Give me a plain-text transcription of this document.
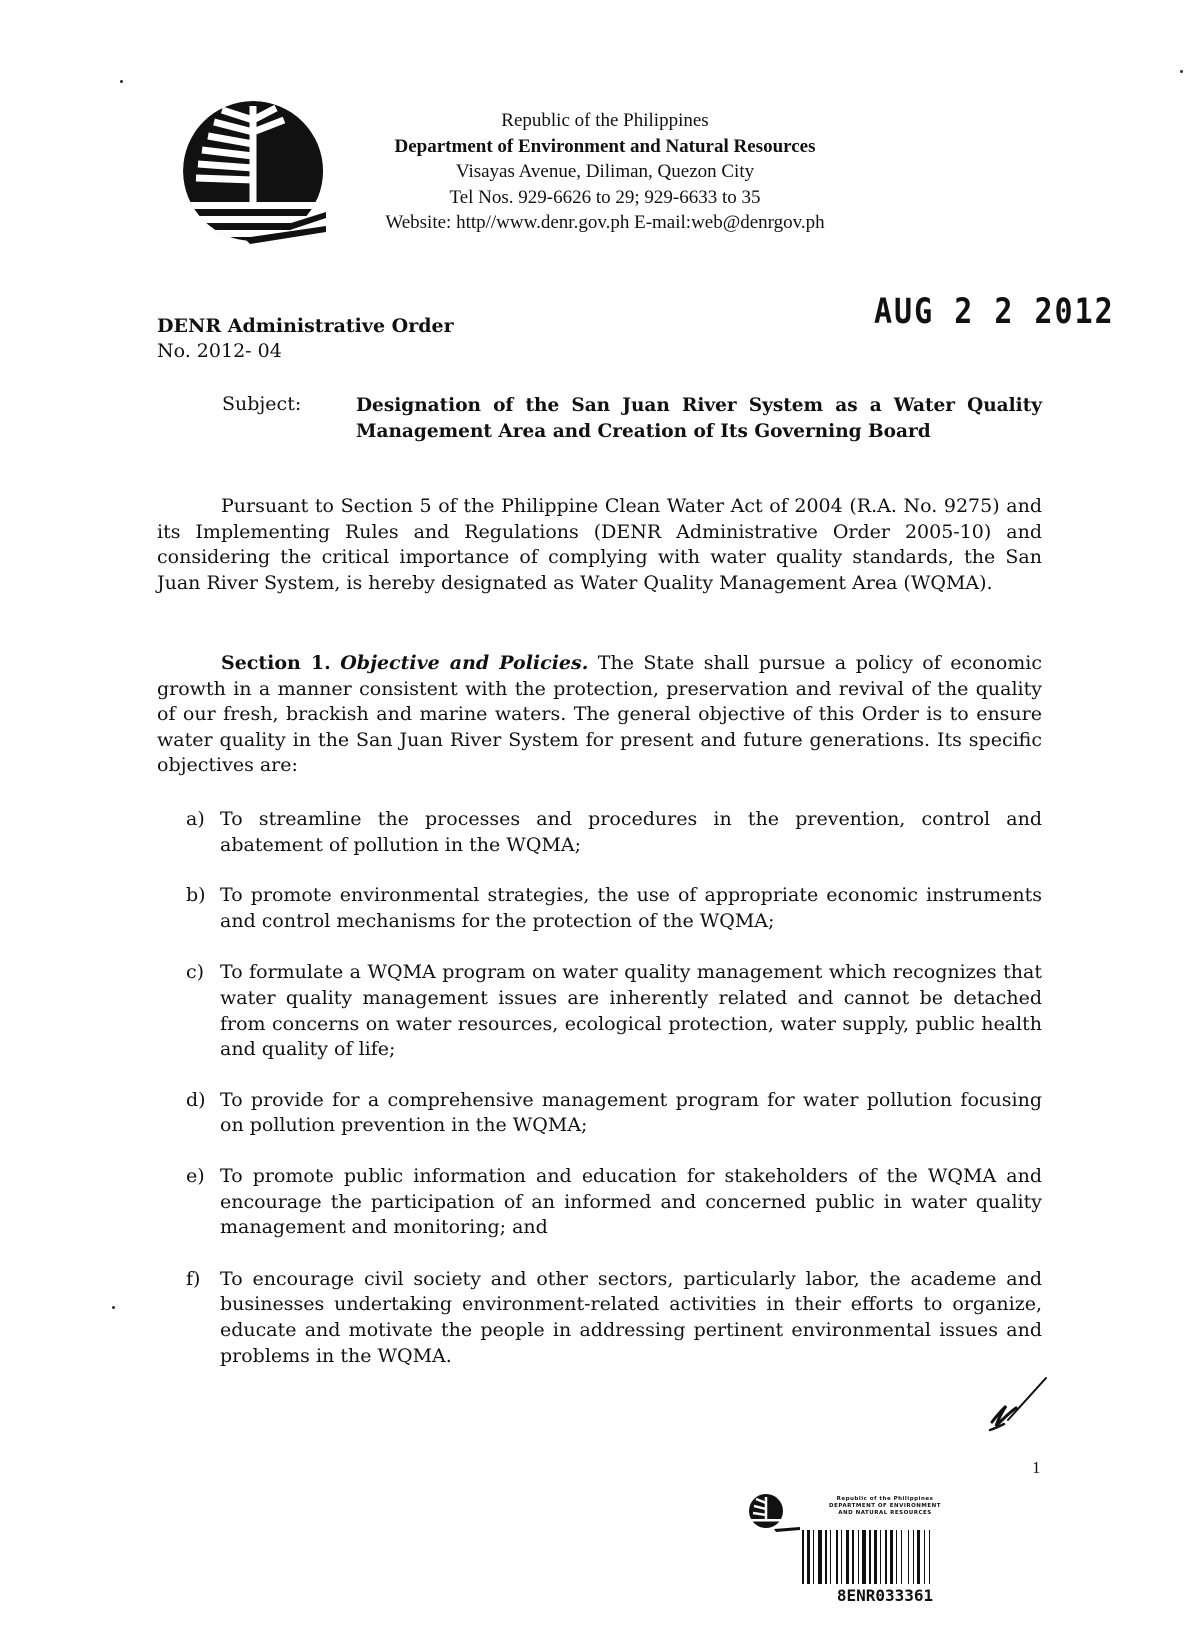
Republic of the Philippines
Department of Environment and Natural Resources
Visayas Avenue, Diliman, Quezon City
Tel Nos. 929-6626 to 29; 929-6633 to 35
Website: http//www.denr.gov.ph E-mail:web@denrgov.ph
AUG 2 2 2012
DENR Administrative Order
No. 2012- 04
Subject:	Designation of the San Juan River System as a Water Quality Management Area and Creation of Its Governing Board

Pursuant to Section 5 of the Philippine Clean Water Act of 2004 (R.A. No. 9275) and its Implementing Rules and Regulations (DENR Administrative Order 2005-10) and considering the critical importance of complying with water quality standards, the San Juan River System, is hereby designated as Water Quality Management Area (WQMA).

Section 1. Objective and Policies. The State shall pursue a policy of economic growth in a manner consistent with the protection, preservation and revival of the quality of our fresh, brackish and marine waters. The general objective of this Order is to ensure water quality in the San Juan River System for present and future generations. Its specific objectives are:

a) To streamline the processes and procedures in the prevention, control and abatement of pollution in the WQMA;
b) To promote environmental strategies, the use of appropriate economic instruments and control mechanisms for the protection of the WQMA;
c) To formulate a WQMA program on water quality management which recognizes that water quality management issues are inherently related and cannot be detached from concerns on water resources, ecological protection, water supply, public health and quality of life;
d) To provide for a comprehensive management program for water pollution focusing on pollution prevention in the WQMA;
e) To promote public information and education for stakeholders of the WQMA and encourage the participation of an informed and concerned public in water quality management and monitoring; and
f) To encourage civil society and other sectors, particularly labor, the academe and businesses undertaking environment-related activities in their efforts to organize, educate and motivate the people in addressing pertinent environmental issues and problems in the WQMA.
1
Republic of the Philippines
DEPARTMENT OF ENVIRONMENT
AND NATURAL RESOURCES
8ENR033361
